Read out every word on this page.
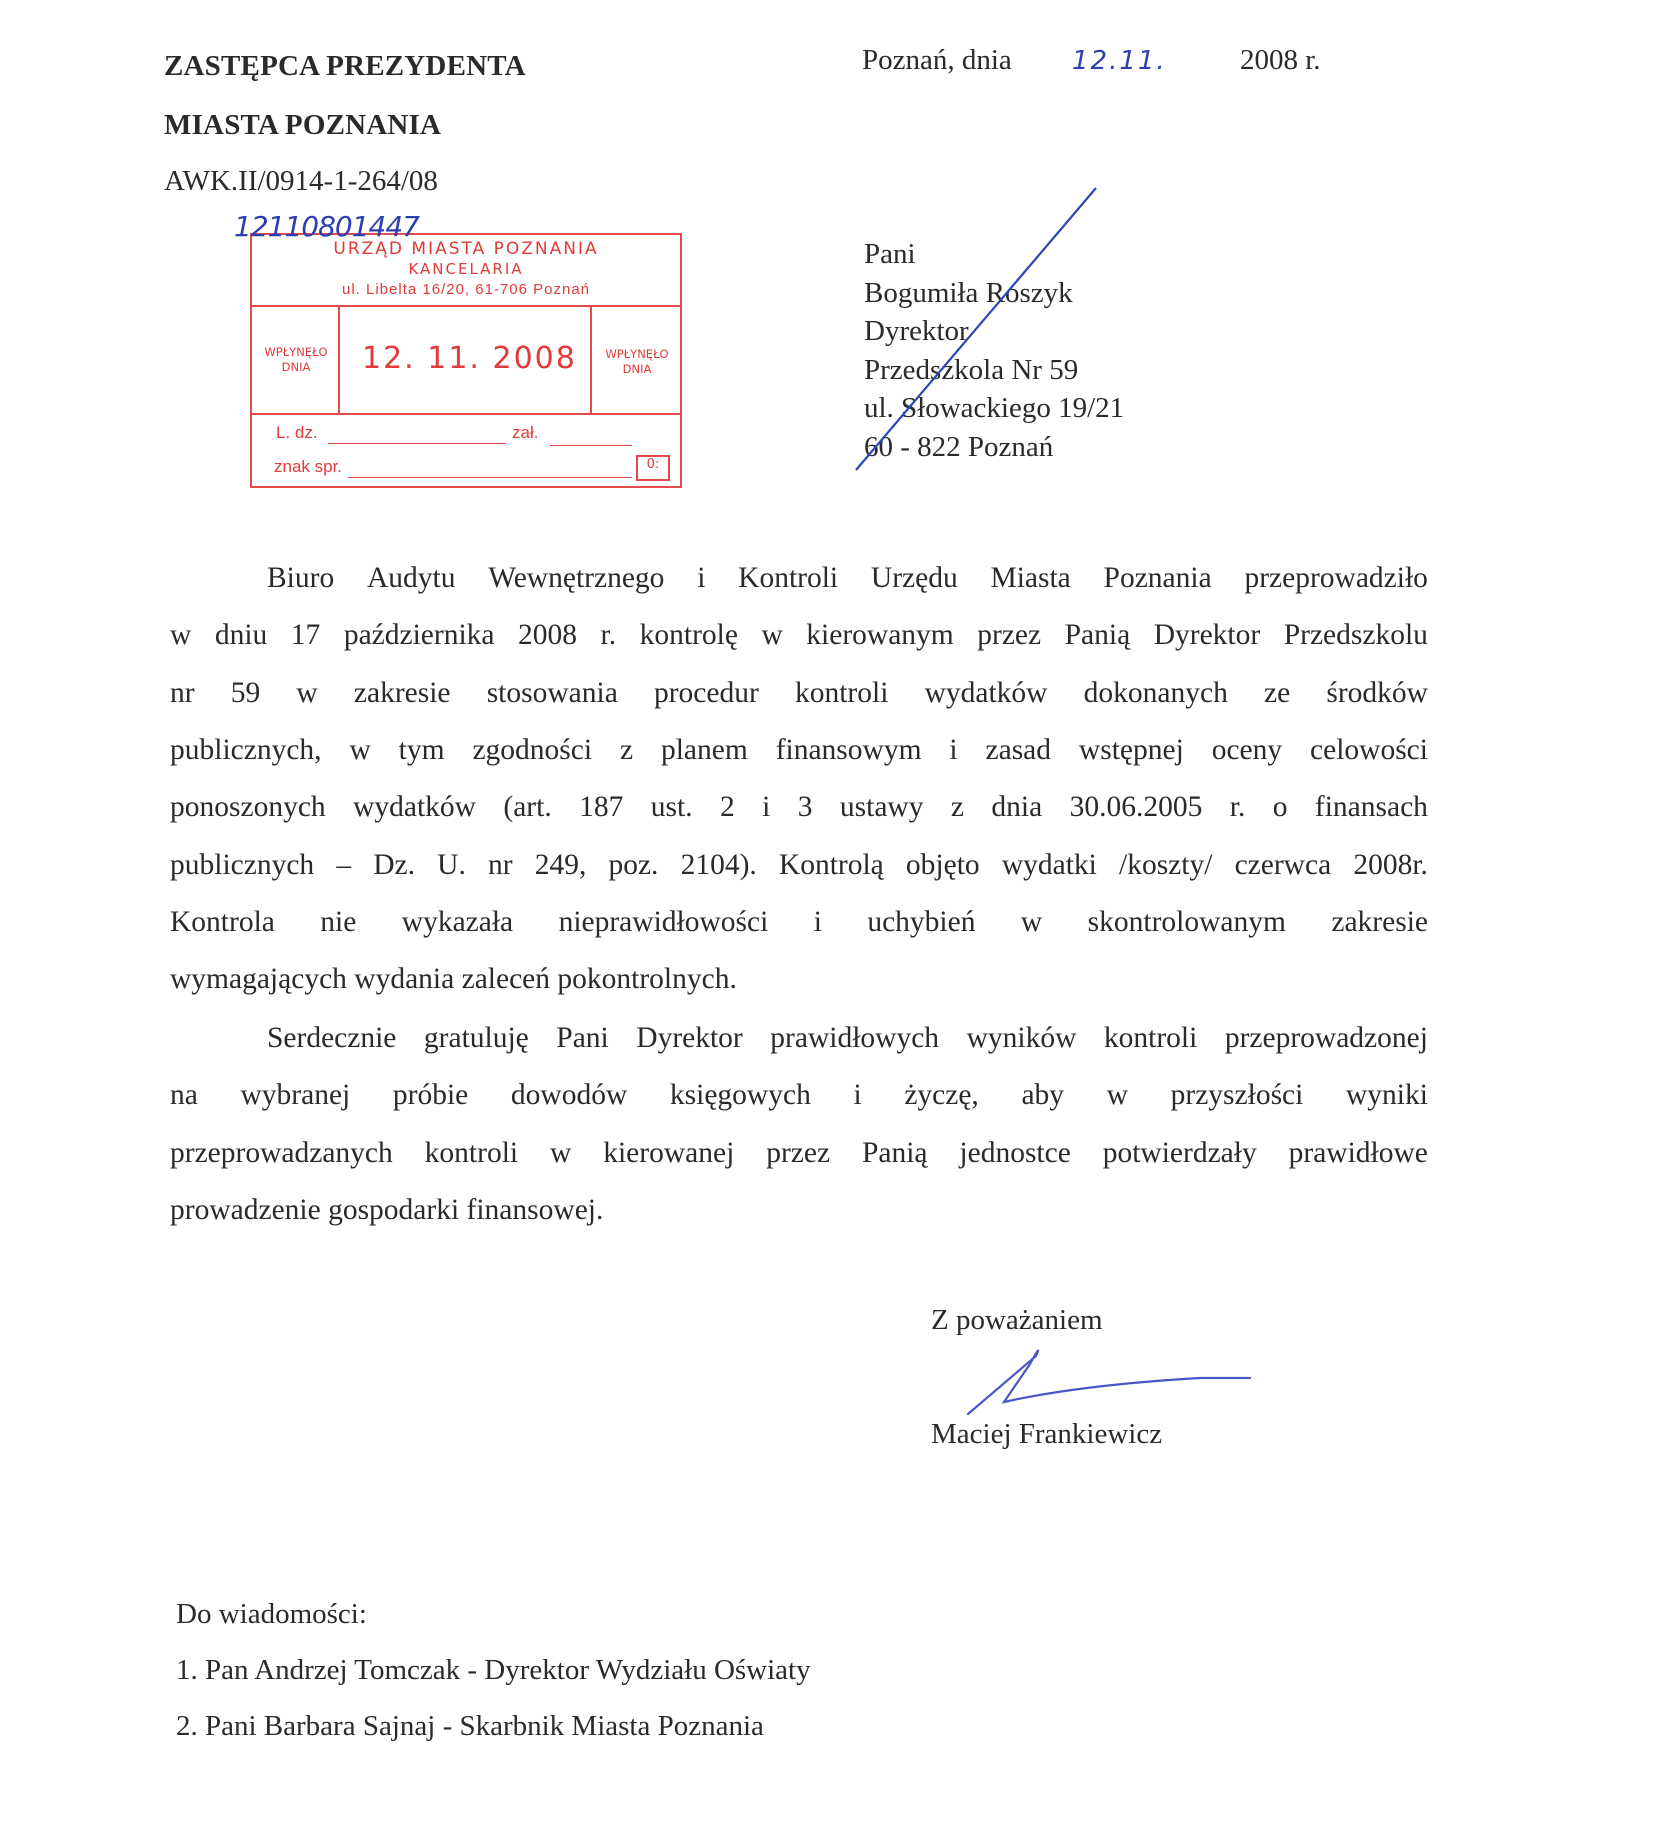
ZASTĘPCA PREZYDENTA
MIASTA POZNANIA
AWK.II/0914-1-264/08
Poznań, dnia 12.11.	2008 r.
URZĄD MIASTA POZNANIA
KANCELARIA
ul. Libelta 16/20, 61-706 Poznań
WPŁYNĘŁO
DNIA
WPŁYNĘŁO
DNIA
12. 11. 2008
L. dz.	zał.
znak spr.	0:
12110801447
Pani
Bogumiła Roszyk
Dyrektor
Przedszkola Nr 59
ul. Słowackiego 19/21
60 - 822 Poznań
Biuro Audytu Wewnętrznego i Kontroli Urzędu Miasta Poznania przeprowadziło
w dniu 17 października 2008 r. kontrolę w kierowanym przez Panią Dyrektor Przedszkolu
nr 59 w zakresie stosowania procedur kontroli wydatków dokonanych ze środków
publicznych, w tym zgodności z planem finansowym i zasad wstępnej oceny celowości
ponoszonych wydatków (art. 187 ust. 2 i 3 ustawy z dnia 30.06.2005 r. o finansach
publicznych – Dz. U. nr 249, poz. 2104). Kontrolą objęto wydatki /koszty/ czerwca 2008r.
Kontrola nie wykazała nieprawidłowości i uchybień w skontrolowanym zakresie
wymagających wydania zaleceń pokontrolnych.
Serdecznie gratuluję Pani Dyrektor prawidłowych wyników kontroli przeprowadzonej
na wybranej próbie dowodów księgowych i życzę, aby w przyszłości wyniki
przeprowadzanych kontroli w kierowanej przez Panią jednostce potwierdzały prawidłowe
prowadzenie gospodarki finansowej.
Z poważaniem
Maciej Frankiewicz
Do wiadomości:
1. Pan Andrzej Tomczak - Dyrektor Wydziału Oświaty
2. Pani Barbara Sajnaj - Skarbnik Miasta Poznania
